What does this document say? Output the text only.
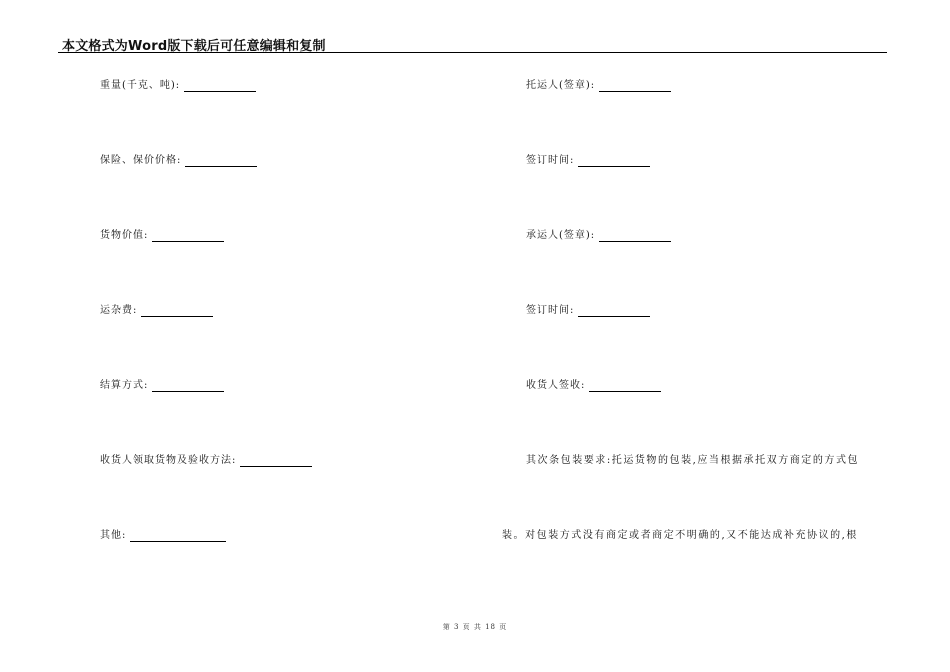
本文格式为Word版下载后可任意编辑和复制
重量(千克、吨):
保险、保价价格:
货物价值:
运杂费:
结算方式:
收货人领取货物及验收方法:
其他:
托运人(签章):
签订时间:
承运人(签章):
签订时间:
收货人签收:
其次条包装要求:托运货物的包装,应当根据承托双方商定的方式包
装。对包装方式没有商定或者商定不明确的,又不能达成补充协议的,根
第 3 页 共 18 页
